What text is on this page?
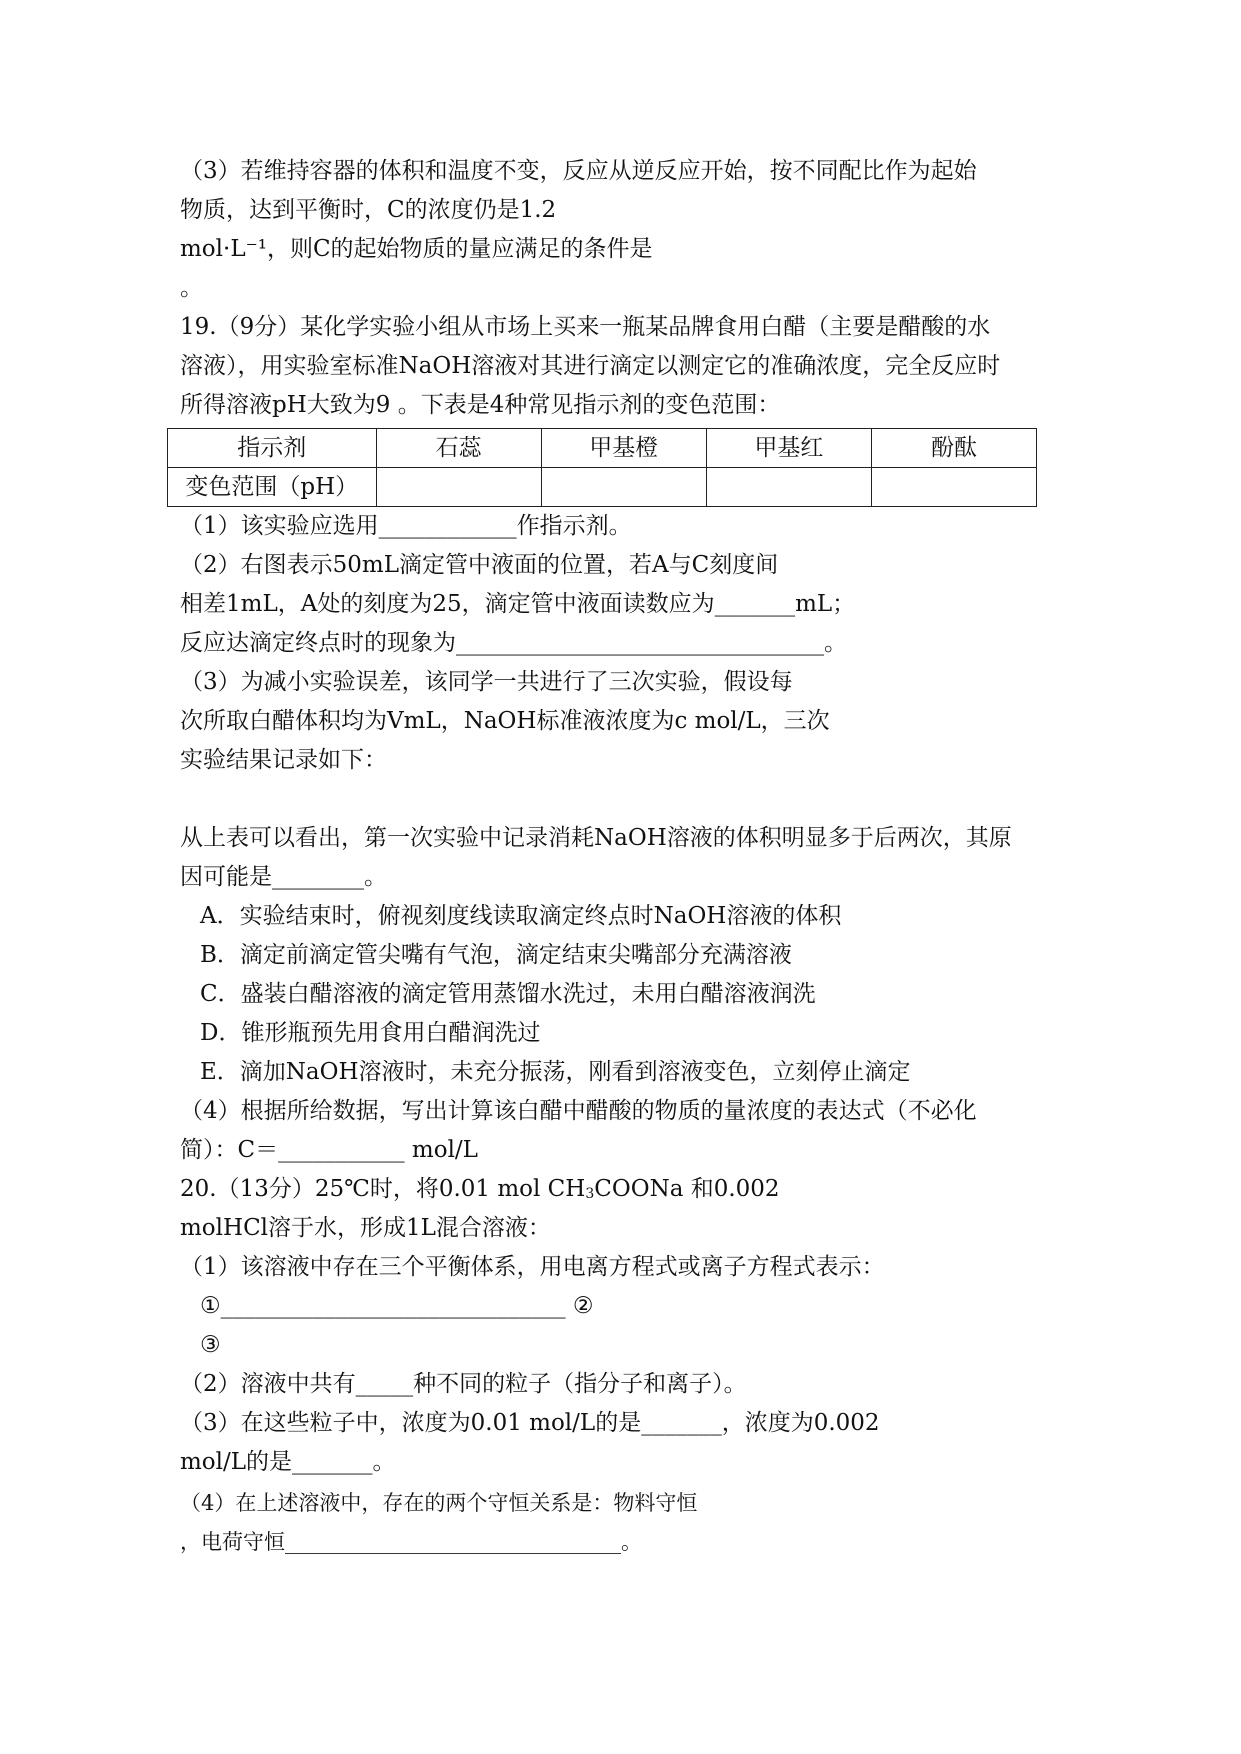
（3）若维持容器的体积和温度不变，反应从逆反应开始，按不同配比作为起始
物质，达到平衡时，C的浓度仍是1.2
mol·L⁻¹，则C的起始物质的量应满足的条件是
。
19.（9分）某化学实验小组从市场上买来一瓶某品牌食用白醋（主要是醋酸的水
溶液），用实验室标准NaOH溶液对其进行滴定以测定它的准确浓度，完全反应时
所得溶液pH大致为9 。下表是4种常见指示剂的变色范围：
指示剂	石蕊	甲基橙	甲基红	酚酞
变色范围（pH）				
（1）该实验应选用____________作指示剂。
（2）右图表示50mL滴定管中液面的位置，若A与C刻度间
相差1mL，A处的刻度为25，滴定管中液面读数应为_______mL；
反应达滴定终点时的现象为________________________________。
（3）为减小实验误差，该同学一共进行了三次实验，假设每
次所取白醋体积均为VmL，NaOH标准液浓度为c mol/L，三次
实验结果记录如下：
从上表可以看出，第一次实验中记录消耗NaOH溶液的体积明显多于后两次，其原
因可能是________。
A．实验结束时，俯视刻度线读取滴定终点时NaOH溶液的体积
B．滴定前滴定管尖嘴有气泡，滴定结束尖嘴部分充满溶液
C．盛装白醋溶液的滴定管用蒸馏水洗过，未用白醋溶液润洗
D．锥形瓶预先用食用白醋润洗过
E．滴加NaOH溶液时，未充分振荡，刚看到溶液变色，立刻停止滴定
（4）根据所给数据，写出计算该白醋中醋酸的物质的量浓度的表达式（不必化
简）：C＝___________ mol/L
20.（13分）25℃时，将0.01 mol $CH_3COONa$ 和0.002
molHCl溶于水，形成1L混合溶液：
（1）该溶液中存在三个平衡体系，用电离方程式或离子方程式表示：
①______________________________ ②
③
（2）溶液中共有_____种不同的粒子（指分子和离子）。
（3）在这些粒子中，浓度为0.01 mol/L的是_______，浓度为0.002
mol/L的是_______。
（4）在上述溶液中，存在的两个守恒关系是：物料守恒
，电荷守恒________________________________。
